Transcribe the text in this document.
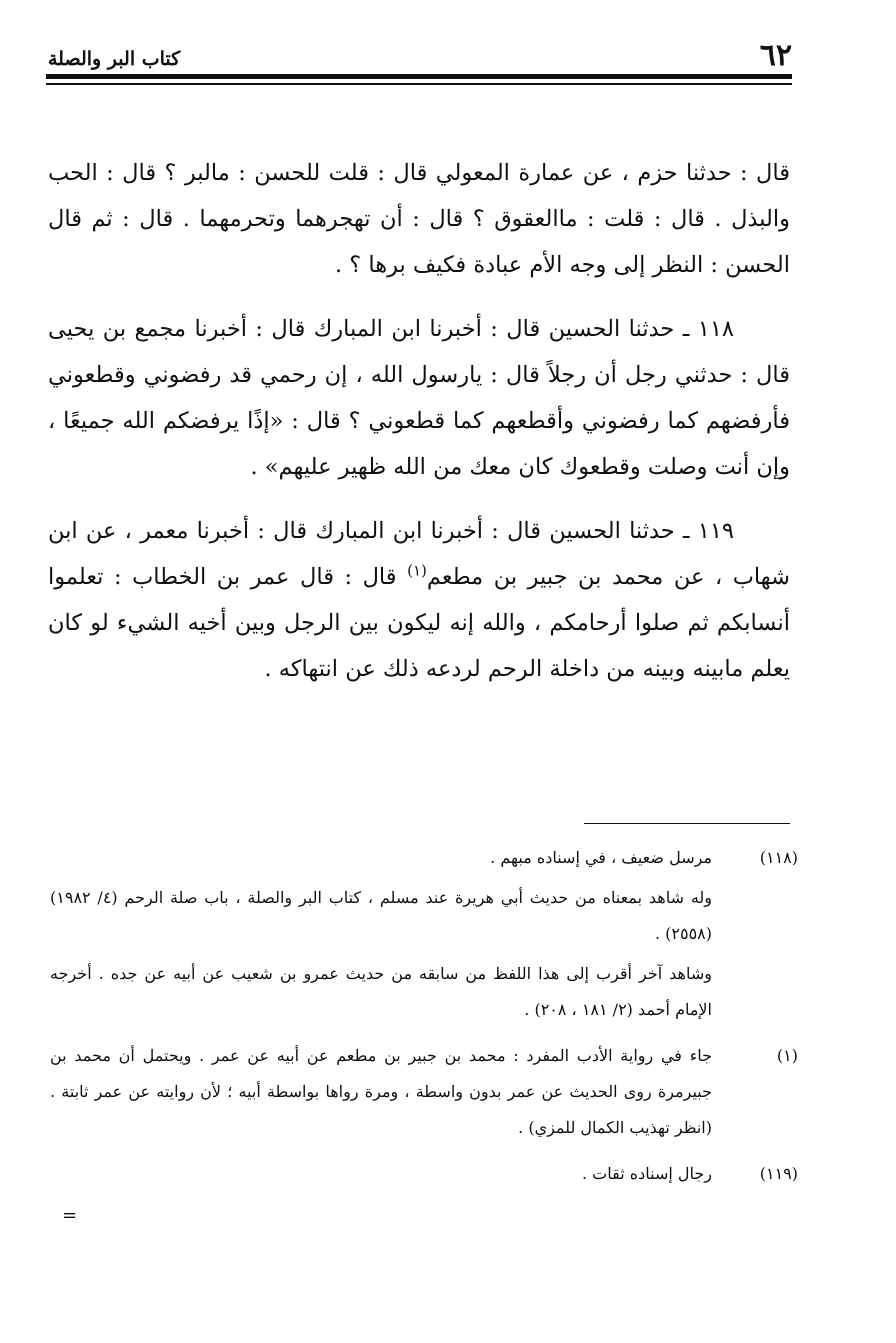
٦٢
كتاب البر والصلة

قال : حدثنا حزم ، عن عمارة المعولي قال : قلت للحسن : مالبر ؟ قال : الحب والبذل . قال : قلت : ماالعقوق ؟ قال : أن تهجرهما وتحرمهما . قال : ثم قال الحسن : النظر إلى وجه الأم عبادة فكيف برها ؟ .

١١٨ ـ حدثنا الحسين قال : أخبرنا ابن المبارك قال : أخبرنا مجمع بن يحيى قال : حدثني رجل أن رجلاً قال : يارسول الله ، إن رحمي قد رفضوني وقطعوني فأرفضهم كما رفضوني وأقطعهم كما قطعوني ؟ قال : «إذًا يرفضكم الله جميعًا ، وإن أنت وصلت وقطعوك كان معك من الله ظهير عليهم» .

١١٩ ـ حدثنا الحسين قال : أخبرنا ابن المبارك قال : أخبرنا معمر ، عن ابن شهاب ، عن محمد بن جبير بن مطعم$^{(١)}$ قال : قال عمر بن الخطاب : تعلموا أنسابكم ثم صلوا أرحامكم ، والله إنه ليكون بين الرجل وبين أخيه الشيء لو كان يعلم مابينه وبينه من داخلة الرحم لردعه ذلك عن انتهاكه .

(١١٨)
مرسل ضعيف ، في إسناده مبهم .
وله شاهد بمعناه من حديث أبي هريرة عند مسلم ، كتاب البر والصلة ، باب صلة الرحم (٤/ ١٩٨٢) (٢٥٥٨) .
وشاهد آخر أقرب إلى هذا اللفظ من سابقه من حديث عمرو بن شعيب عن أبيه عن جده . أخرجه الإمام أحمد (٢/ ١٨١ ، ٢٠٨) .
(١)
جاء في رواية الأدب المفرد : محمد بن جبير بن مطعم عن أبيه عن عمر . ويحتمل أن محمد بن جبيرمرة روى الحديث عن عمر بدون واسطة ، ومرة رواها بواسطة أبيه ؛ لأن روايته عن عمر ثابتة . (انظر تهذيب الكمال للمزي) .
(١١٩)
رجال إسناده ثقات .
=
